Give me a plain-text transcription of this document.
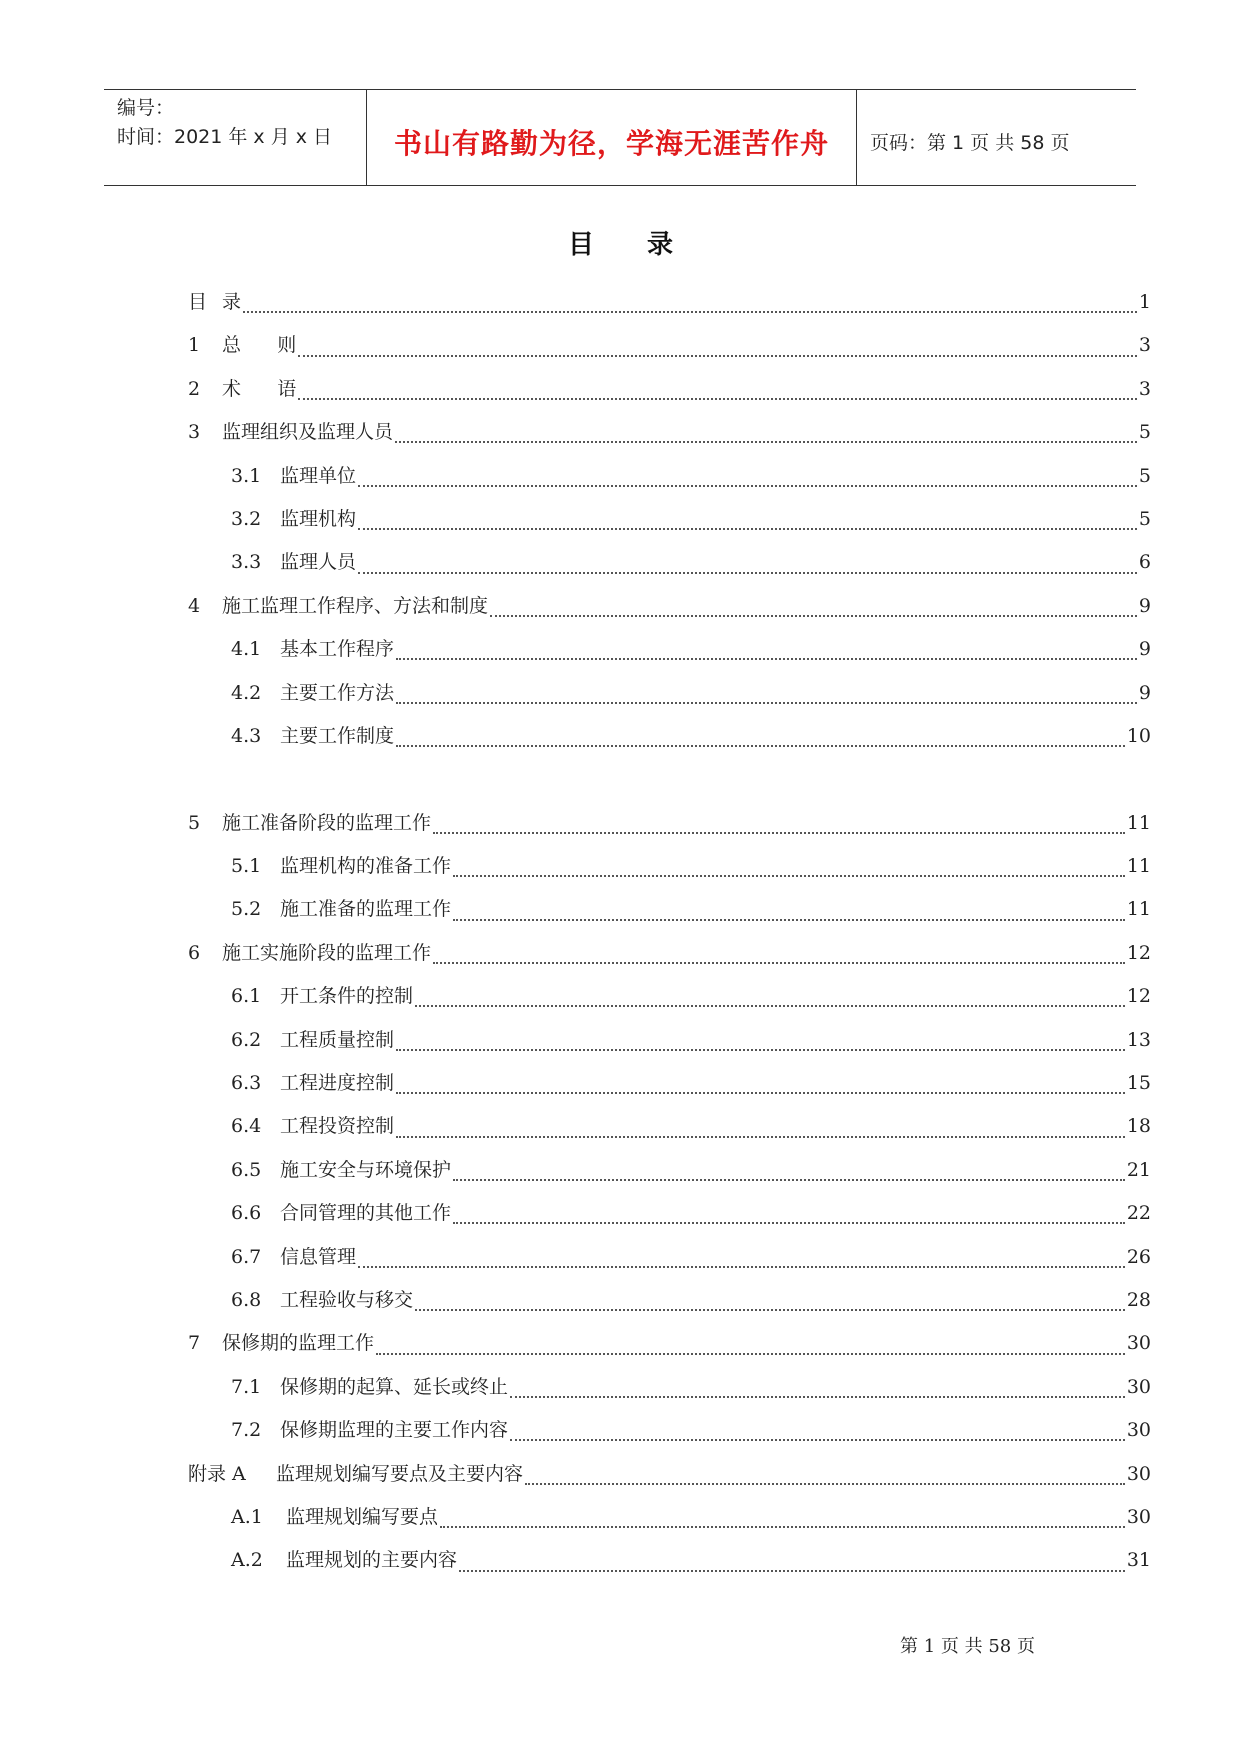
编号：
时间：2021 年 x 月 x 日	书山有路勤为径，学海无涯苦作舟	页码：第 1 页 共 58 页
目 录
目 录	1
1	总      则	3
2	术      语	3
3	监理组织及监理人员	5
3.1 监理单位	5
3.2 监理机构	5
3.3 监理人员	6
4	施工监理工作程序、方法和制度	9
4.1 基本工作程序	9
4.2 主要工作方法	9
4.3 主要工作制度	10
5	施工准备阶段的监理工作	11
5.1 监理机构的准备工作	11
5.2 施工准备的监理工作	11
6	施工实施阶段的监理工作	12
6.1 开工条件的控制	12
6.2 工程质量控制	13
6.3 工程进度控制	15
6.4 工程投资控制	18
6.5 施工安全与环境保护	21
6.6 合同管理的其他工作	22
6.7 信息管理	26
6.8 工程验收与移交	28
7	保修期的监理工作	30
7.1 保修期的起算、延长或终止	30
7.2 保修期监理的主要工作内容	30
附录 A	监理规划编写要点及主要内容	30
A.1	监理规划编写要点	30
A.2	监理规划的主要内容	31
第 1 页 共 58 页
